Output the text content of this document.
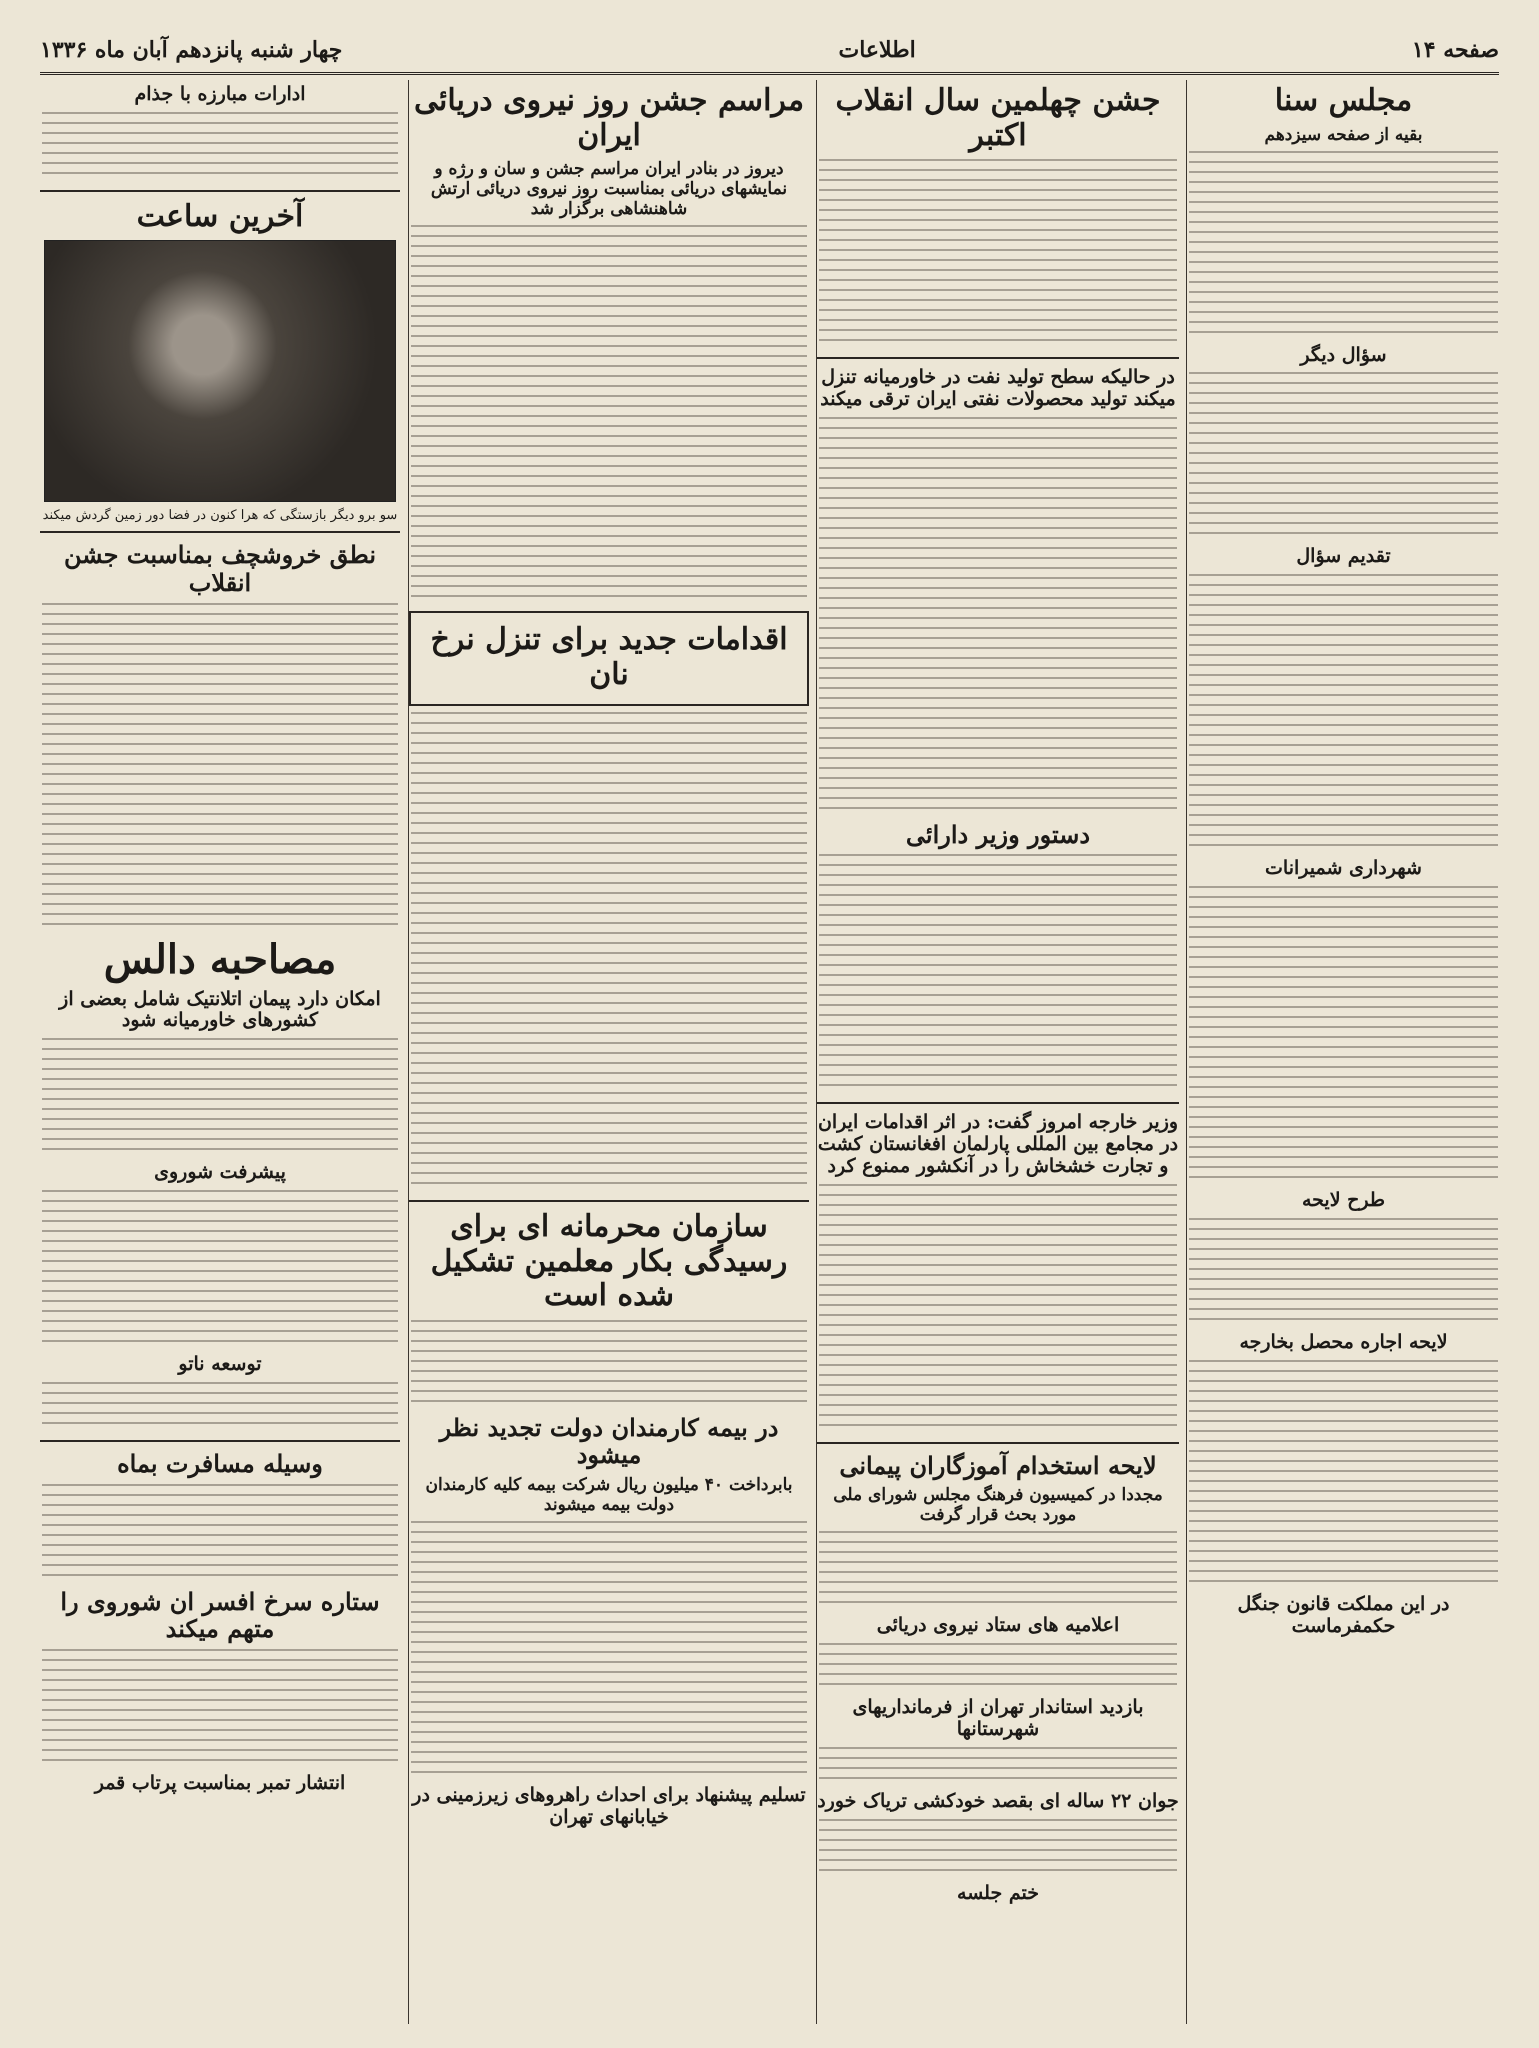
صفحه ۱۴
اطلاعات
چهار شنبه پانزدهم آبان ماه ۱۳۳۶
ادارات مبارزه با جذام
آخرین ساعت
سو برو دیگر بازستگی که هرا کنون در فضا دور زمین گردش میکند
نطق خروشچف بمناسبت جشن انقلاب
مصاحبه دالس
امکان دارد پیمان اتلانتیک شامل بعضی از کشورهای خاورمیانه شود
پیشرفت شوروی
توسعه ناتو
وسیله مسافرت بماه
ستاره سرخ افسر ان شوروی را متهم میکند
انتشار تمبر بمناسبت پرتاب قمر
مراسم جشن روز نیروی دریائی ایران
دیروز در بنادر ایران مراسم جشن و سان و رژه و نمایشهای دریائی بمناسبت روز نیروی دریائی ارتش شاهنشاهی برگزار شد
اقدامات جدید برای تنزل نرخ نان
سازمان محرمانه ای برای رسیدگی بکار معلمین تشکیل شده است
در بیمه کارمندان دولت تجدید نظر میشود
بابرداخت ۴۰ میلیون ریال شرکت بیمه کلیه کارمندان دولت بیمه میشوند
تسلیم پیشنهاد برای احداث راهروهای زیرزمینی در خیابانهای تهران
جشن چهلمین سال انقلاب اکتبر
در حالیکه سطح تولید نفت در خاورمیانه تنزل میکند تولید محصولات نفتی ایران ترقی میکند
دستور وزیر دارائی
وزیر خارجه امروز گفت: در اثر اقدامات ایران در مجامع بین المللی پارلمان افغانستان کشت و تجارت خشخاش را در آنکشور ممنوع کرد
لایحه استخدام آموزگاران پیمانی
مجددا در کمیسیون فرهنگ مجلس شورای ملی مورد بحث قرار گرفت
اعلامیه های ستاد نیروی دریائی
بازدید استاندار تهران از فرمانداریهای شهرستانها
جوان ۲۲ ساله ای بقصد خودکشی تریاک خورد
ختم جلسه
مجلس سنا
بقیه از صفحه سیزدهم
سؤال دیگر
تقدیم سؤال
شهرداری شمیرانات
طرح لایحه
لایحه اجاره محصل بخارجه
در این مملکت قانون جنگل حکمفرماست
